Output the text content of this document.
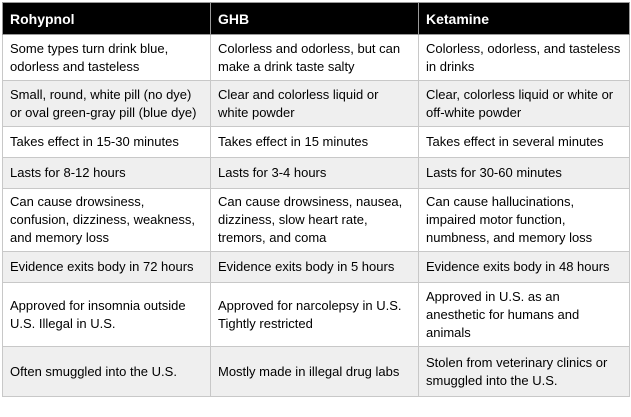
Rohypnol	GHB	Ketamine
Some types turn drink blue, odorless and tasteless	Colorless and odorless, but can make a drink taste salty	Colorless, odorless, and tasteless in drinks
Small, round, white pill (no dye) or oval green-gray pill (blue dye)	Clear and colorless liquid or white powder	Clear, colorless liquid or white or off-white powder
Takes effect in 15-30 minutes	Takes effect in 15 minutes	Takes effect in several minutes
Lasts for 8-12 hours	Lasts for 3-4 hours	Lasts for 30-60 minutes
Can cause drowsiness, confusion, dizziness, weakness, and memory loss	Can cause drowsiness, nausea, dizziness, slow heart rate, tremors, and coma	Can cause hallucinations, impaired motor function, numbness, and memory loss
Evidence exits body in 72 hours	Evidence exits body in 5 hours	Evidence exits body in 48 hours
Approved for insomnia outside U.S. Illegal in U.S.	Approved for narcolepsy in U.S. Tightly restricted	Approved in U.S. as an anesthetic for humans and animals
Often smuggled into the U.S.	Mostly made in illegal drug labs	Stolen from veterinary clinics or smuggled into the U.S.
